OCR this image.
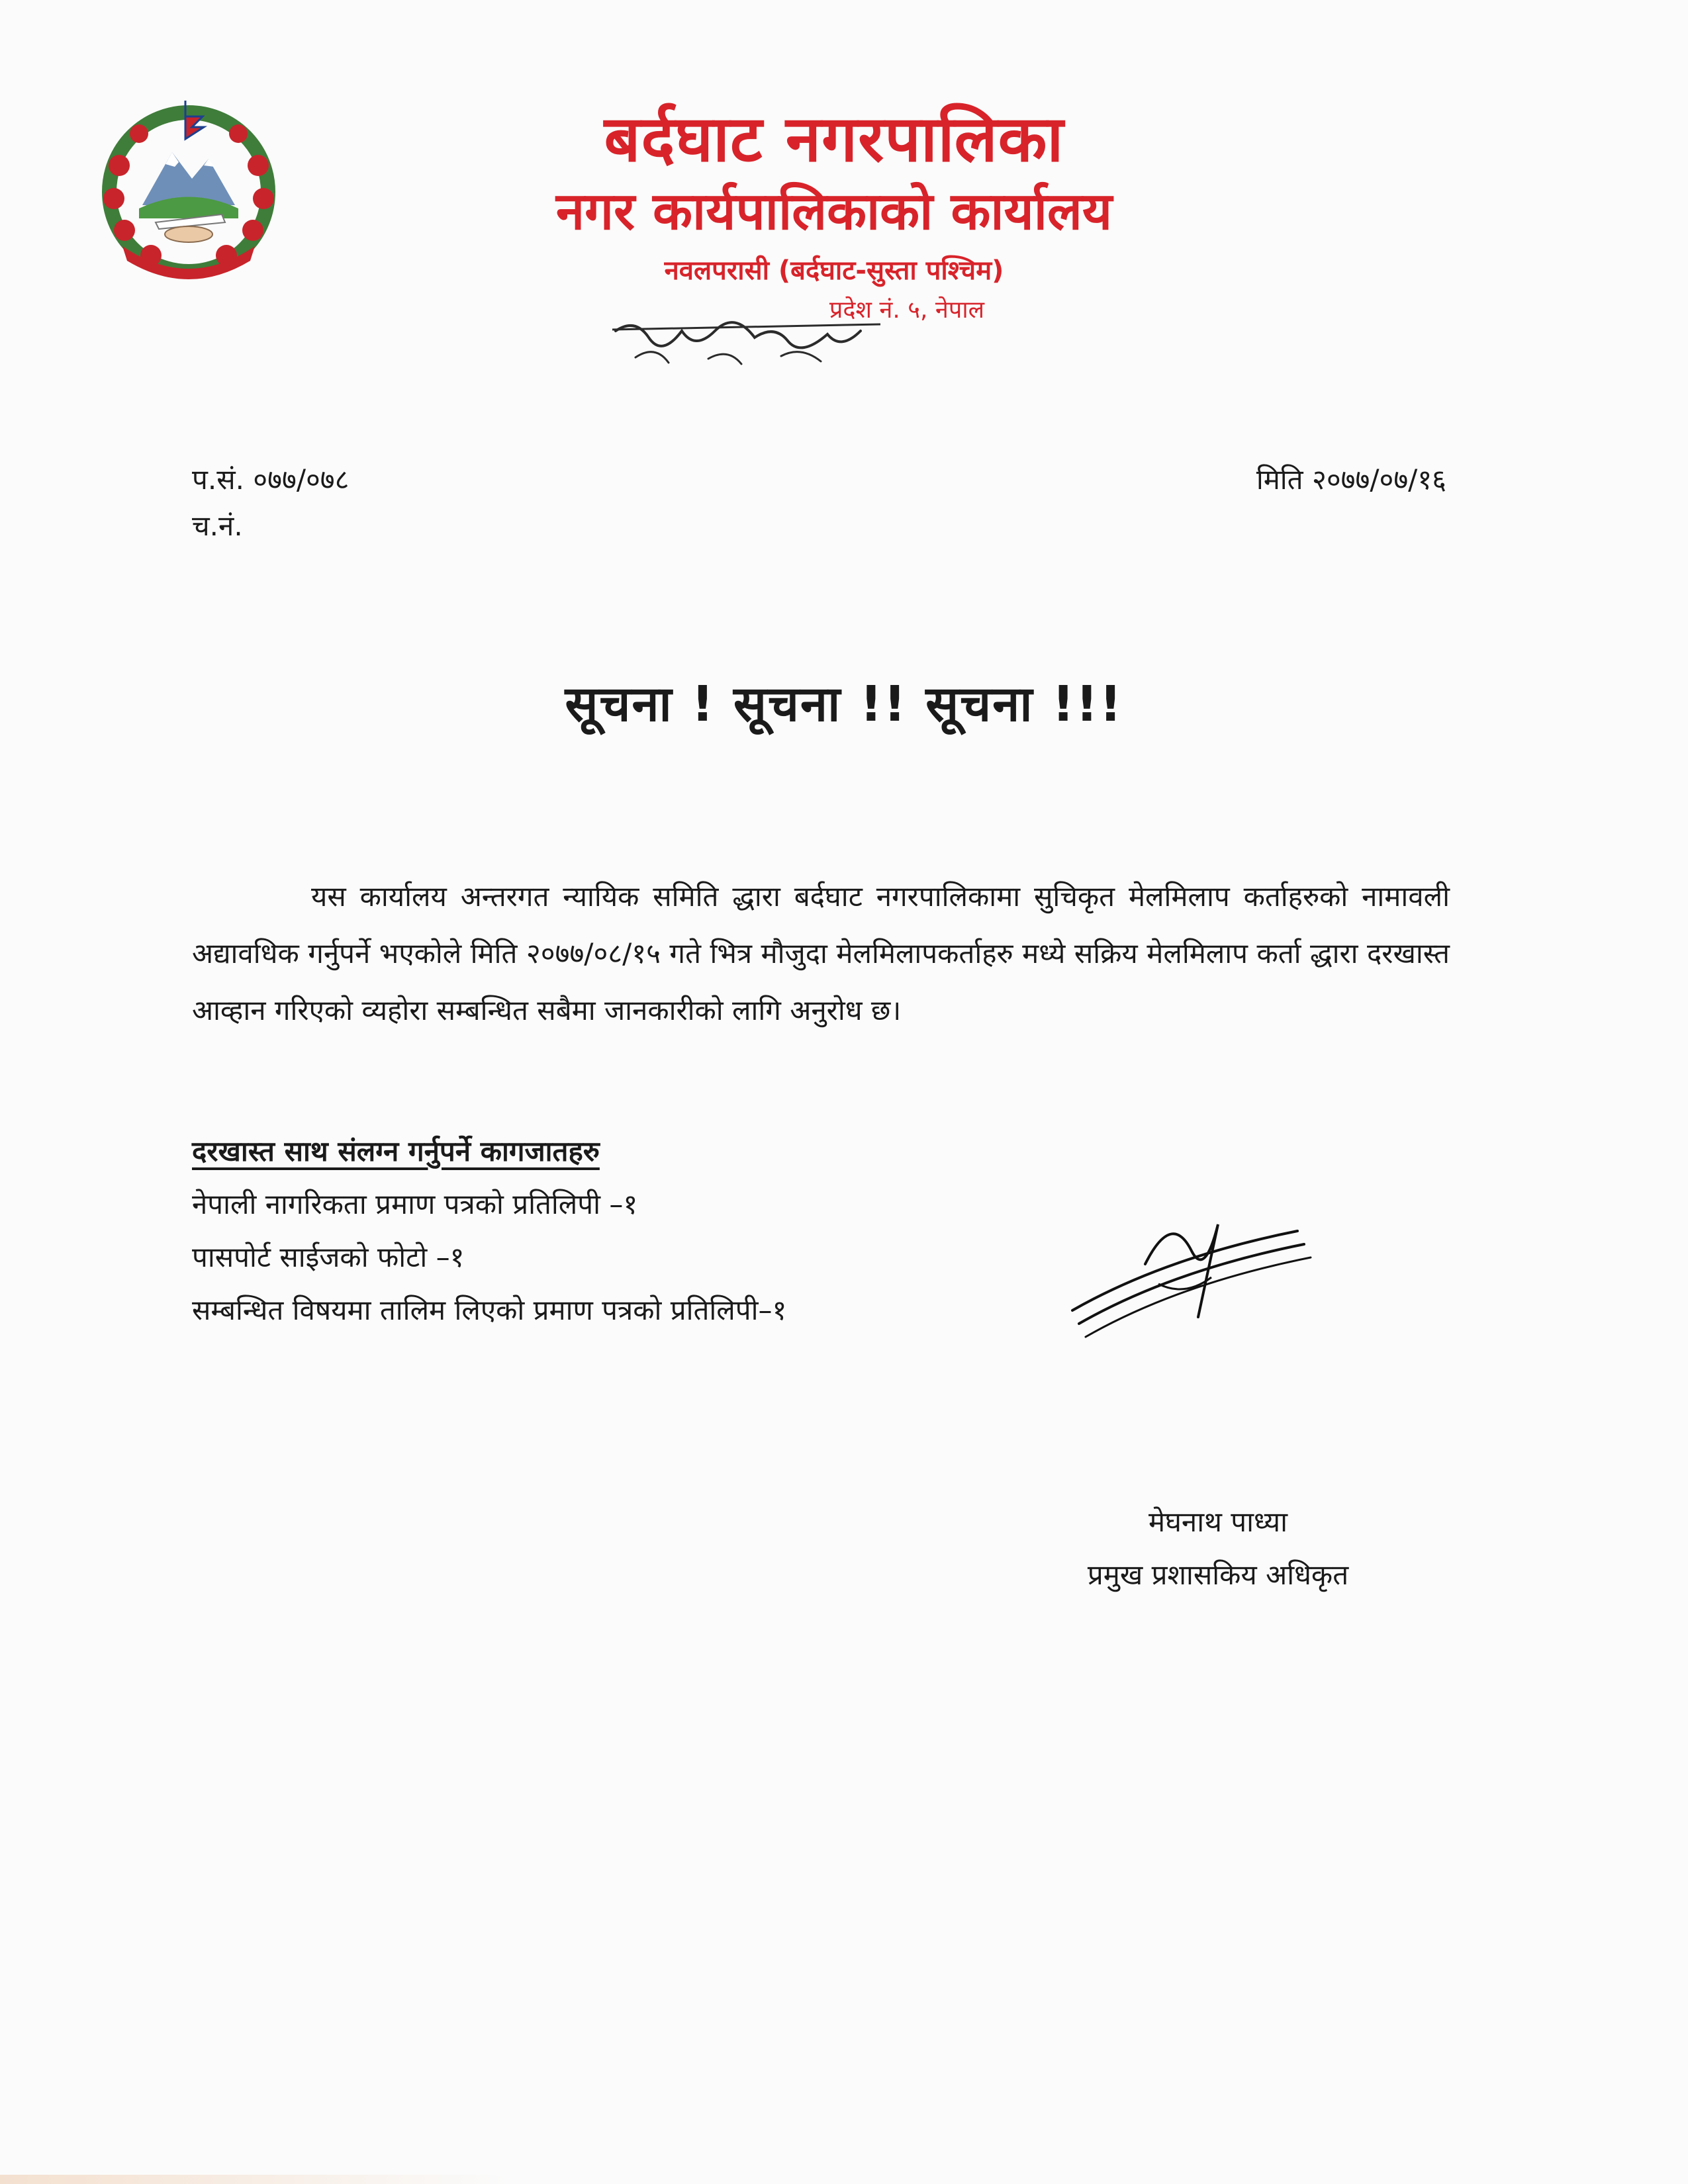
बर्दघाट नगरपालिका
नगर कार्यपालिकाको कार्यालय
नवलपरासी (बर्दघाट-सुस्ता पश्चिम)
प्रदेश नं. ५, नेपाल
प.सं. ०७७/०७८
च.नं.
मिति २०७७/०७/१६
सूचना ! सूचना !! सूचना !!!

यस कार्यालय अन्तरगत न्यायिक समिति द्धारा बर्दघाट नगरपालिकामा सुचिकृत मेलमिलाप कर्ताहरुको नामावली अद्यावधिक गर्नुपर्ने भएकोले मिति २०७७/०८/१५ गते भित्र मौजुदा मेलमिलापकर्ताहरु मध्ये सक्रिय मेलमिलाप कर्ता द्धारा दरखास्त आव्हान गरिएको व्यहोरा सम्बन्धित सबैमा जानकारीको लागि अनुरोध छ।

दरखास्त साथ संलग्न गर्नुपर्ने कागजातहरु
नेपाली नागरिकता प्रमाण पत्रको प्रतिलिपी –१
पासपोर्ट साईजको फोटो –१
सम्बन्धित विषयमा तालिम लिएको प्रमाण पत्रको प्रतिलिपी–१
मेघनाथ पाध्या
प्रमुख प्रशासकिय अधिकृत
